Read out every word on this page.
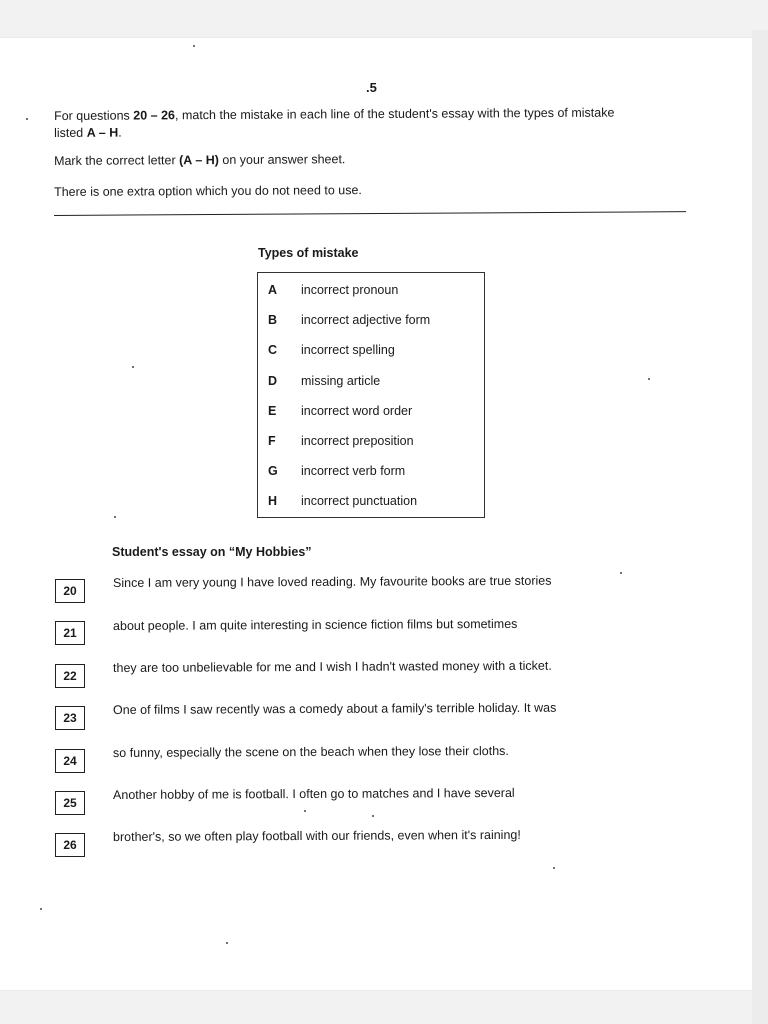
.5
For questions 20 – 26, match the mistake in each line of the student's essay with the types of mistake
listed A – H.
Mark the correct letter (A – H) on your answer sheet.
There is one extra option which you do not need to use.
Types of mistake
A incorrect pronoun
B incorrect adjective form
C incorrect spelling
D missing article
E incorrect word order
F incorrect preposition
G incorrect verb form
H incorrect punctuation
Student's essay on “My Hobbies”
20
Since I am very young I have loved reading. My favourite books are true stories
21
about people. I am quite interesting in science fiction films but sometimes
22
they are too unbelievable for me and I wish I hadn't wasted money with a ticket.
23
One of films I saw recently was a comedy about a family's terrible holiday. It was
24
so funny, especially the scene on the beach when they lose their cloths.
25
Another hobby of me is football. I often go to matches and I have several
26
brother's, so we often play football with our friends, even when it's raining!
